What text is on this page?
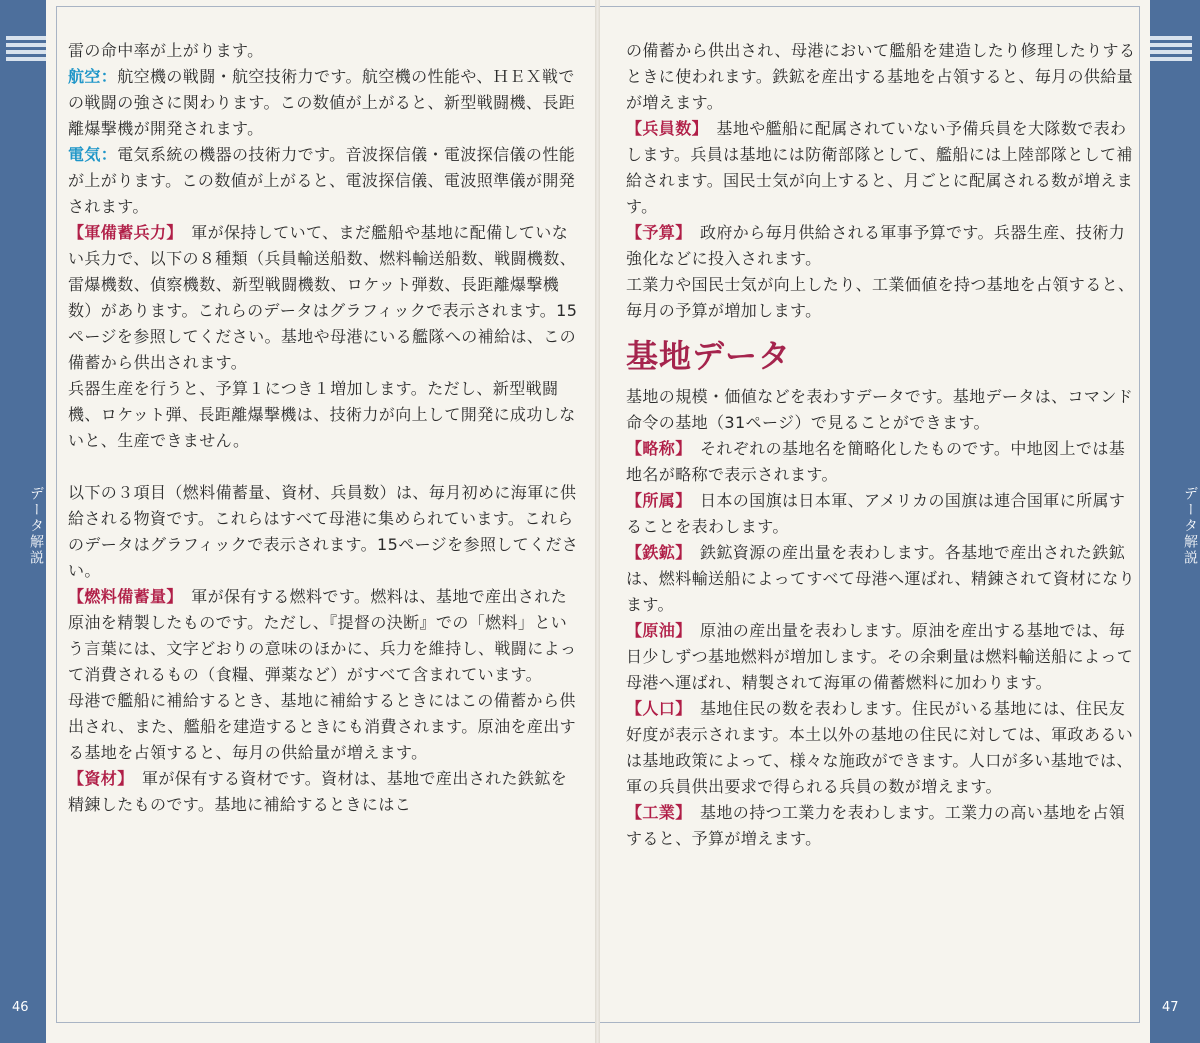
データ解説
46

雷の命中率が上がります。

航空：航空機の戦闘・航空技術力です。航空機の性能や、ＨＥＸ戦での戦闘の強さに関わります。この数値が上がると、新型戦闘機、長距離爆撃機が開発されます。

電気：電気系統の機器の技術力です。音波探信儀・電波探信儀の性能が上がります。この数値が上がると、電波探信儀、電波照準儀が開発されます。

【軍備蓄兵力】　軍が保持していて、まだ艦船や基地に配備していない兵力で、以下の８種類（兵員輸送船数、燃料輸送船数、戦闘機数、雷爆機数、偵察機数、新型戦闘機数、ロケット弾数、長距離爆撃機数）があります。これらのデータはグラフィックで表示されます。15ページを参照してください。基地や母港にいる艦隊への補給は、この備蓄から供出されます。

兵器生産を行うと、予算１につき１増加します。ただし、新型戦闘機、ロケット弾、長距離爆撃機は、技術力が向上して開発に成功しないと、生産できません。

以下の３項目（燃料備蓄量、資材、兵員数）は、毎月初めに海軍に供給される物資です。これらはすべて母港に集められています。これらのデータはグラフィックで表示されます。15ページを参照してください。

【燃料備蓄量】　軍が保有する燃料です。燃料は、基地で産出された原油を精製したものです。ただし、『提督の決断』での「燃料」という言葉には、文字どおりの意味のほかに、兵力を維持し、戦闘によって消費されるもの（食糧、弾薬など）がすべて含まれています。

母港で艦船に補給するとき、基地に補給するときにはこの備蓄から供出され、また、艦船を建造するときにも消費されます。原油を産出する基地を占領すると、毎月の供給量が増えます。

【資材】　軍が保有する資材です。資材は、基地で産出された鉄鉱を精錬したものです。基地に補給するときにはこ

の備蓄から供出され、母港において艦船を建造したり修理したりするときに使われます。鉄鉱を産出する基地を占領すると、毎月の供給量が増えます。

【兵員数】　基地や艦船に配属されていない予備兵員を大隊数で表わします。兵員は基地には防衛部隊として、艦船には上陸部隊として補給されます。国民士気が向上すると、月ごとに配属される数が増えます。

【予算】　政府から毎月供給される軍事予算です。兵器生産、技術力強化などに投入されます。

工業力や国民士気が向上したり、工業価値を持つ基地を占領すると、毎月の予算が増加します。

基地データ

基地の規模・価値などを表わすデータです。基地データは、コマンド命令の基地（31ページ）で見ることができます。

【略称】　それぞれの基地名を簡略化したものです。中地図上では基地名が略称で表示されます。

【所属】　日本の国旗は日本軍、アメリカの国旗は連合国軍に所属することを表わします。

【鉄鉱】　鉄鉱資源の産出量を表わします。各基地で産出された鉄鉱は、燃料輸送船によってすべて母港へ運ばれ、精錬されて資材になります。

【原油】　原油の産出量を表わします。原油を産出する基地では、毎日少しずつ基地燃料が増加します。その余剰量は燃料輸送船によって母港へ運ばれ、精製されて海軍の備蓄燃料に加わります。

【人口】　基地住民の数を表わします。住民がいる基地には、住民友好度が表示されます。本土以外の基地の住民に対しては、軍政あるいは基地政策によって、様々な施政ができます。人口が多い基地では、軍の兵員供出要求で得られる兵員の数が増えます。

【工業】　基地の持つ工業力を表わします。工業力の高い基地を占領すると、予算が増えます。

データ解説
47
